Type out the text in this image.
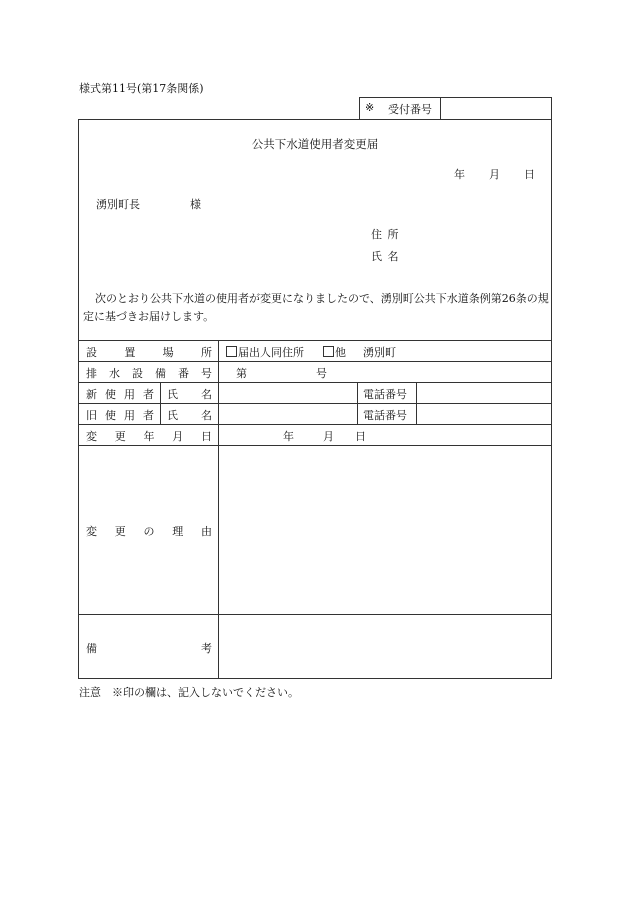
様式第11号(第17条関係)
※ 受付番号
公共下水道使用者変更届
年 月 日
湧別町長	様
住 所
氏 名
次のとおり公共下水道の使用者が変更になりましたので、湧別町公共下水道条例第26条の規定に基づきお届けします。
設 置 場 所	届出人同住所	他 湧別町
排 水 設 備 番 号 第	号
新 使 用 者 氏 名	電話番号
旧 使 用 者 氏 名	電話番号
変 更 年 月 日	年	月 日
変 更 の 理 由
備	考
注意　※印の欄は、記入しないでください。
